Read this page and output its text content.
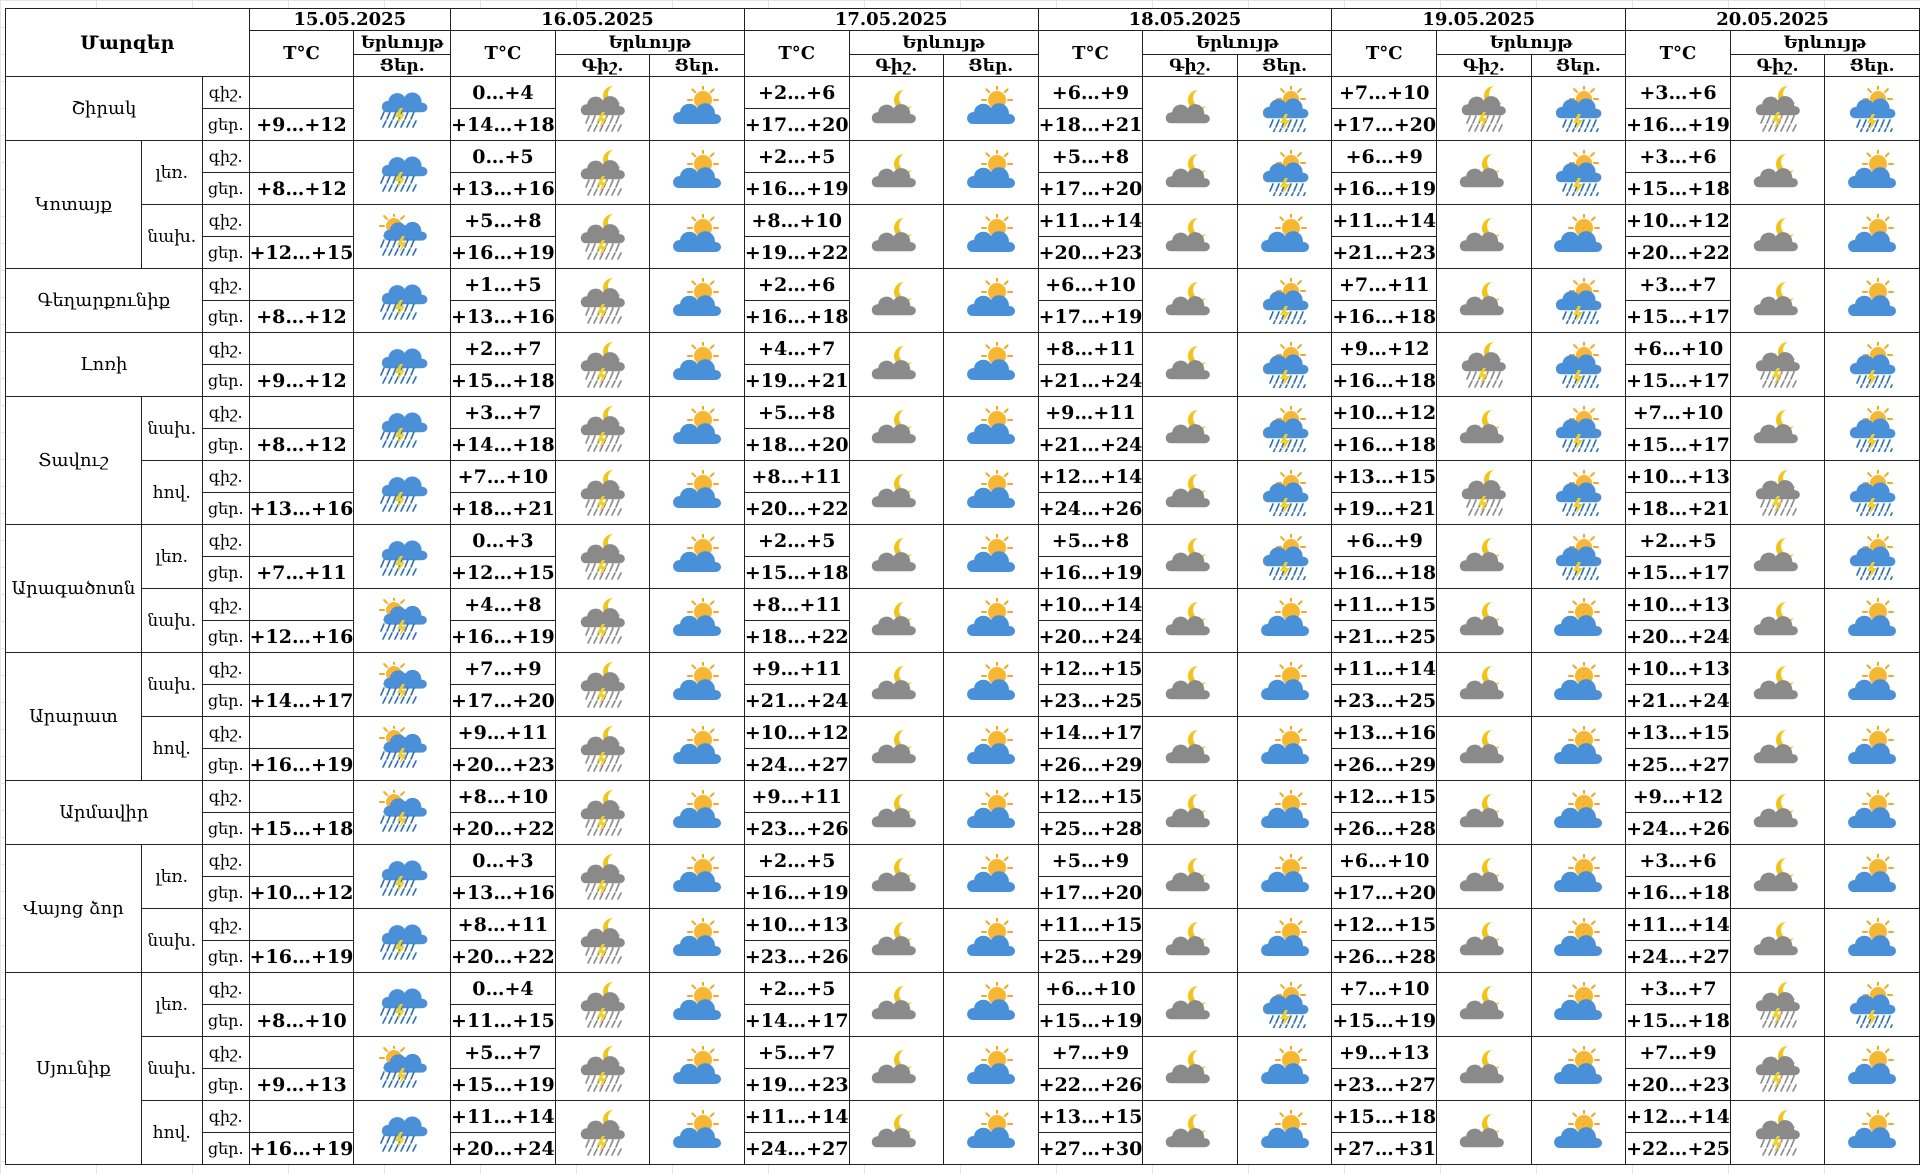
Մարզեր			15.05.2025		16.05.2025			17.05.2025			18.05.2025			19.05.2025			20.05.2025		
			T°C	Երևույթ	T°C	Երևույթ		T°C	Երևույթ		T°C	Երևույթ		T°C	Երևույթ		T°C	Երևույթ	
				Ցեր.		Գիշ.	Ցեր.		Գիշ.	Ցեր.		Գիշ.	Ցեր.		Գիշ.	Ցեր.		Գիշ.	Ցեր.
Շիրակ		գիշ.			0…+4			+2…+6			+6…+9			+7…+10			+3…+6	

		ցեր.	+9…+12		+14…+18			+17…+20			+18…+21			+17…+20			+16…+19		
Կոտայք	լեռ.	գիշ.			0…+5			+2…+5			+5…+8			+6…+9			+3…+6	

		ցեր.	+8…+12		+13…+16			+16…+19			+17…+20			+16…+19			+15…+18		
	նախ.	գիշ.			+5…+8			+8…+10			+11…+14			+11…+14			+10…+12	

		ցեր.	+12…+15		+16…+19			+19…+22			+20…+23			+21…+23			+20…+22		
Գեղարքունիք		գիշ.			+1…+5			+2…+6			+6…+10			+7…+11			+3…+7	

		ցեր.	+8…+12		+13…+16			+16…+18			+17…+19			+16…+18			+15…+17		
Լոռի		գիշ.			+2…+7			+4…+7			+8…+11			+9…+12			+6…+10	

		ցեր.	+9…+12		+15…+18			+19…+21			+21…+24			+16…+18			+15…+17		
Տավուշ	նախ.	գիշ.			+3…+7			+5…+8			+9…+11			+10…+12			+7…+10	

		ցեր.	+8…+12		+14…+18			+18…+20			+21…+24			+16…+18			+15…+17		
	հով.	գիշ.			+7…+10			+8…+11			+12…+14			+13…+15			+10…+13	

		ցեր.	+13…+16		+18…+21			+20…+22			+24…+26			+19…+21			+18…+21		
Արագածոտն	լեռ.	գիշ.			0…+3			+2…+5			+5…+8			+6…+9			+2…+5	

		ցեր.	+7…+11		+12…+15			+15…+18			+16…+19			+16…+18			+15…+17		
	նախ.	գիշ.			+4…+8			+8…+11			+10…+14			+11…+15			+10…+13	

		ցեր.	+12…+16		+16…+19			+18…+22			+20…+24			+21…+25			+20…+24		
Արարատ	նախ.	գիշ.			+7…+9			+9…+11			+12…+15			+11…+14			+10…+13	

		ցեր.	+14…+17		+17…+20			+21…+24			+23…+25			+23…+25			+21…+24		
	հով.	գիշ.			+9…+11			+10…+12			+14…+17			+13…+16			+13…+15	

		ցեր.	+16…+19		+20…+23			+24…+27			+26…+29			+26…+29			+25…+27		
Արմավիր		գիշ.			+8…+10			+9…+11			+12…+15			+12…+15			+9…+12	

		ցեր.	+15…+18		+20…+22			+23…+26			+25…+28			+26…+28			+24…+26		
Վայոց ձոր	լեռ.	գիշ.			0…+3			+2…+5			+5…+9			+6…+10			+3…+6	

		ցեր.	+10…+12		+13…+16			+16…+19			+17…+20			+17…+20			+16…+18		
	նախ.	գիշ.			+8…+11			+10…+13			+11…+15			+12…+15			+11…+14	

		ցեր.	+16…+19		+20…+22			+23…+26			+25…+29			+26…+28			+24…+27		
Սյունիք	լեռ.	գիշ.			0…+4			+2…+5			+6…+10			+7…+10			+3…+7	

		ցեր.	+8…+10		+11…+15			+14…+17			+15…+19			+15…+19			+15…+18		
	նախ.	գիշ.			+5…+7			+5…+7			+7…+9			+9…+13			+7…+9	

		ցեր.	+9…+13		+15…+19			+19…+23			+22…+26			+23…+27			+20…+23		
	հով.	գիշ.			+11…+14			+11…+14			+13…+15			+15…+18			+12…+14	

		ցեր.	+16…+19		+20…+24			+24…+27			+27…+30			+27…+31			+22…+25		
